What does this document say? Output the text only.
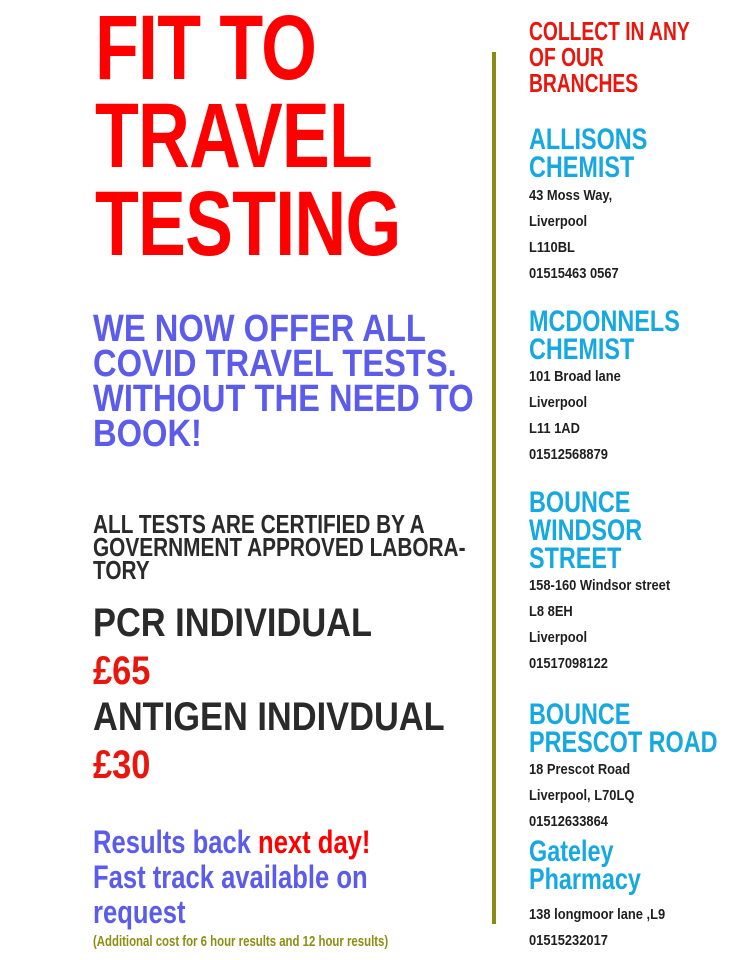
FIT TO
TRAVEL
TESTING
WE NOW OFFER ALL
COVID TRAVEL TESTS.
WITHOUT THE NEED TO
BOOK!
ALL TESTS ARE CERTIFIED BY A
GOVERNMENT APPROVED LABORA-
TORY
PCR INDIVIDUAL
£65
ANTIGEN INDIVDUAL
£30
Results back next day!
Fast track available on
request
(Additional cost for 6 hour results and 12 hour results)
COLLECT IN ANY
OF OUR
BRANCHES
ALLISONS
CHEMIST
43 Moss Way,
Liverpool
L110BL
01515463 0567
MCDONNELS
CHEMIST
101 Broad lane
Liverpool
L11 1AD
01512568879
BOUNCE
WINDSOR
STREET
158-160 Windsor street
L8 8EH
Liverpool
01517098122
BOUNCE
PRESCOT ROAD
18 Prescot Road
Liverpool, L70LQ
01512633864
Gateley
Pharmacy
138 longmoor lane ,L9
01515232017
